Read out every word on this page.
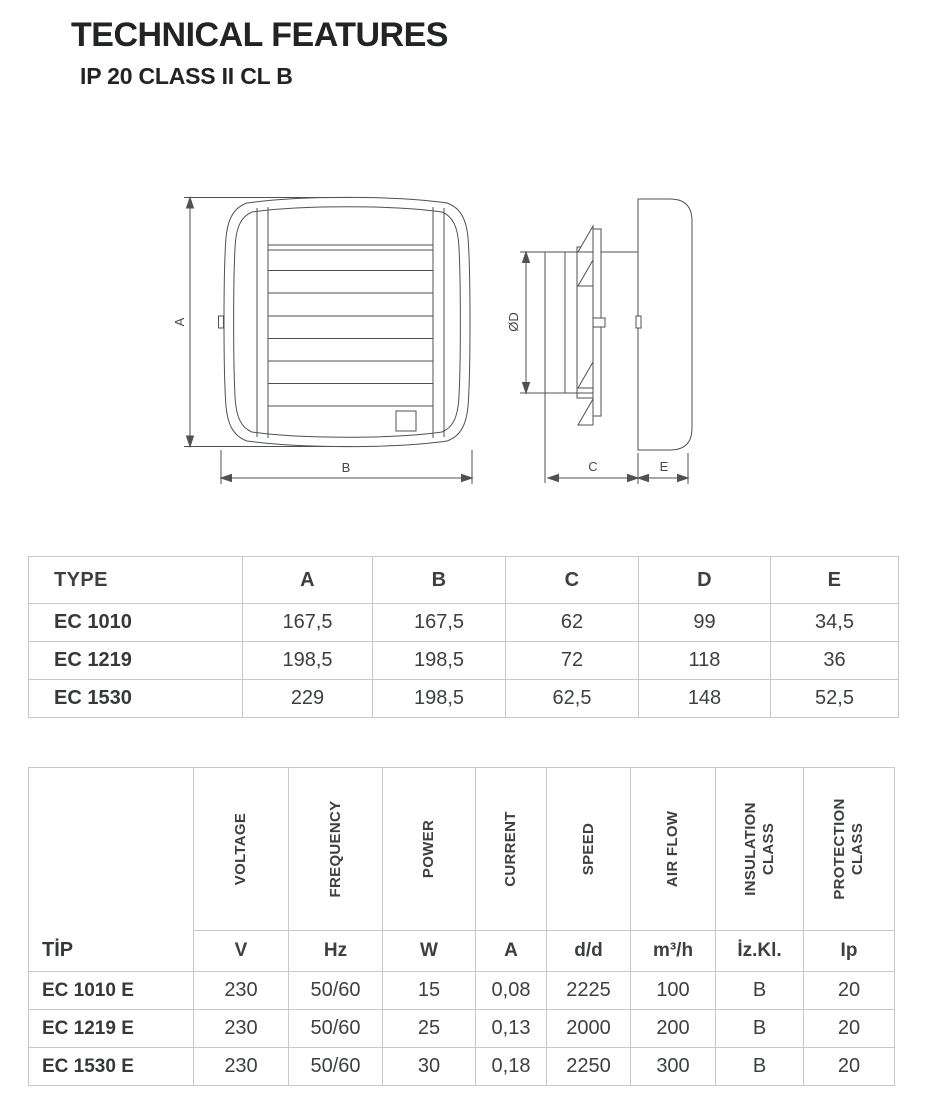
TECHNICAL FEATURES
IP 20 CLASS II CL B
A
B
ØD
C	E
TYPE	A	B	C	D	E
EC 1010	167,5	167,5	62	99	34,5
EC 1219	198,5	198,5	72	118	36
EC 1530	229	198,5	62,5	148	52,5
TİP
VOLTAGE	FREQUENCY	POWER	CURRENT	SPEED	AIR FLOW	INSULATION CLASS	PROTECTION CLASS
V	Hz	W	A	d/d	m³/h	İz.Kl.	Ip
EC 1010 E	230	50/60	15	0,08	2225	100	B	20
EC 1219 E	230	50/60	25	0,13	2000	200	B	20
EC 1530 E	230	50/60	30	0,18	2250	300	B	20
